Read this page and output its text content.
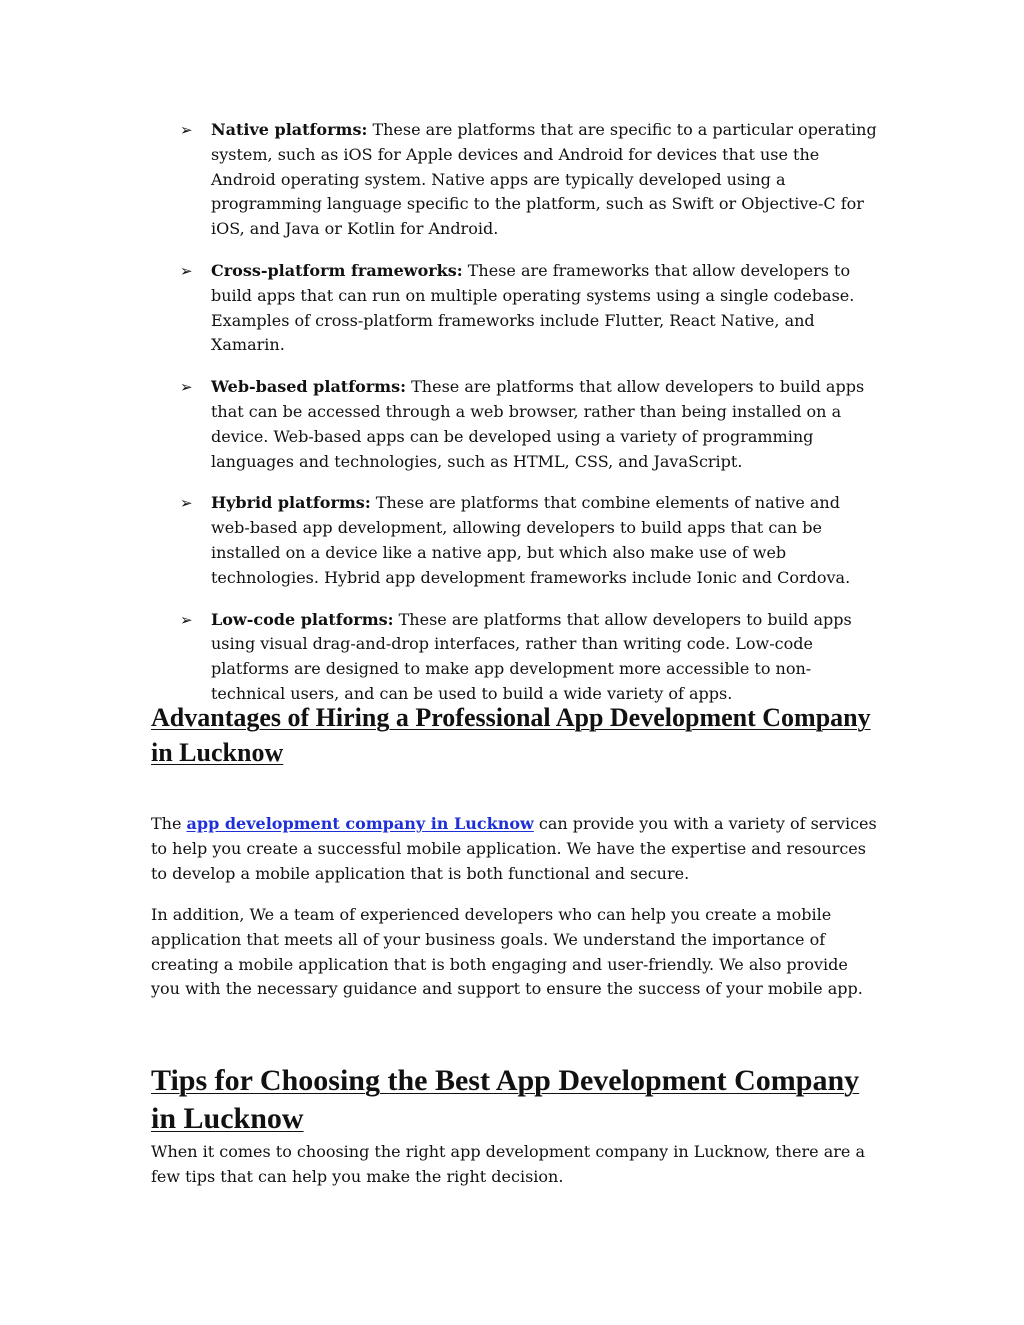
➢ Native platforms: These are platforms that are specific to a particular operating system, such as iOS for Apple devices and Android for devices that use the Android operating system. Native apps are typically developed using a programming language specific to the platform, such as Swift or Objective-C for iOS, and Java or Kotlin for Android.
➢ Cross-platform frameworks: These are frameworks that allow developers to build apps that can run on multiple operating systems using a single codebase. Examples of cross-platform frameworks include Flutter, React Native, and Xamarin.
➢ Web-based platforms: These are platforms that allow developers to build apps that can be accessed through a web browser, rather than being installed on a device. Web-based apps can be developed using a variety of programming languages and technologies, such as HTML, CSS, and JavaScript.
➢ Hybrid platforms: These are platforms that combine elements of native and web-based app development, allowing developers to build apps that can be installed on a device like a native app, but which also make use of web technologies. Hybrid app development frameworks include Ionic and Cordova.
➢ Low-code platforms: These are platforms that allow developers to build apps using visual drag-and-drop interfaces, rather than writing code. Low-code platforms are designed to make app development more accessible to non-technical users, and can be used to build a wide variety of apps.
Advantages of Hiring a Professional App Development Company in Lucknow

The app development company in Lucknow can provide you with a variety of services to help you create a successful mobile application. We have the expertise and resources to develop a mobile application that is both functional and secure.

In addition, We a team of experienced developers who can help you create a mobile application that meets all of your business goals. We understand the importance of creating a mobile application that is both engaging and user-friendly. We also provide you with the necessary guidance and support to ensure the success of your mobile app.

Tips for Choosing the Best App Development Company in Lucknow

When it comes to choosing the right app development company in Lucknow, there are a few tips that can help you make the right decision.
